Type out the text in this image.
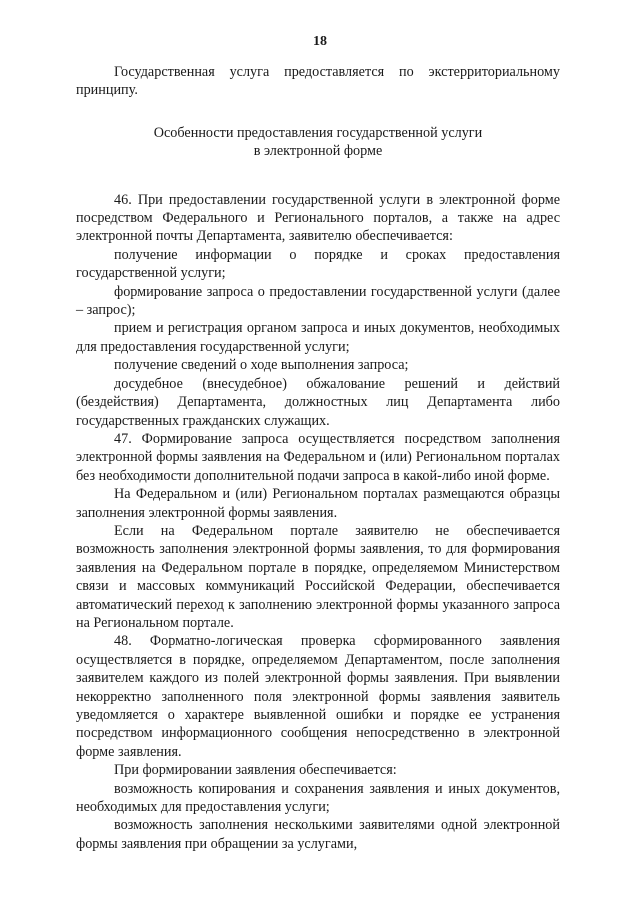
18

Государственная услуга предоставляется по экстерриториальному принципу.

Особенности предоставления государственной услуги
в электронной форме

46. При предоставлении государственной услуги в электронной форме посредством Федерального и Регионального порталов, а также на адрес электронной почты Департамента, заявителю обеспечивается:

получение информации о порядке и сроках предоставления государственной услуги;

формирование запроса о предоставлении государственной услуги (далее – запрос);

прием и регистрация органом запроса и иных документов, необходимых для предоставления государственной услуги;

получение сведений о ходе выполнения запроса;

досудебное (внесудебное) обжалование решений и действий (бездействия) Департамента, должностных лиц Департамента либо государственных гражданских служащих.

47. Формирование запроса осуществляется посредством заполнения электронной формы заявления на Федеральном и (или) Региональном порталах без необходимости дополнительной подачи запроса в какой-либо иной форме.

На Федеральном и (или) Региональном порталах размещаются образцы заполнения электронной формы заявления.

Если на Федеральном портале заявителю не обеспечивается возможность заполнения электронной формы заявления, то для формирования заявления на Федеральном портале в порядке, определяемом Министерством связи и массовых коммуникаций Российской Федерации, обеспечивается автоматический переход к заполнению электронной формы указанного запроса на Региональном портале.

48. Форматно-логическая проверка сформированного заявления осуществляется в порядке, определяемом Департаментом, после заполнения заявителем каждого из полей электронной формы заявления. При выявлении некорректно заполненного поля электронной формы заявления заявитель уведомляется о характере выявленной ошибки и порядке ее устранения посредством информационного сообщения непосредственно в электронной форме заявления.

При формировании заявления обеспечивается:

возможность копирования и сохранения заявления и иных документов, необходимых для предоставления услуги;

возможность заполнения несколькими заявителями одной электронной формы заявления при обращении за услугами,
